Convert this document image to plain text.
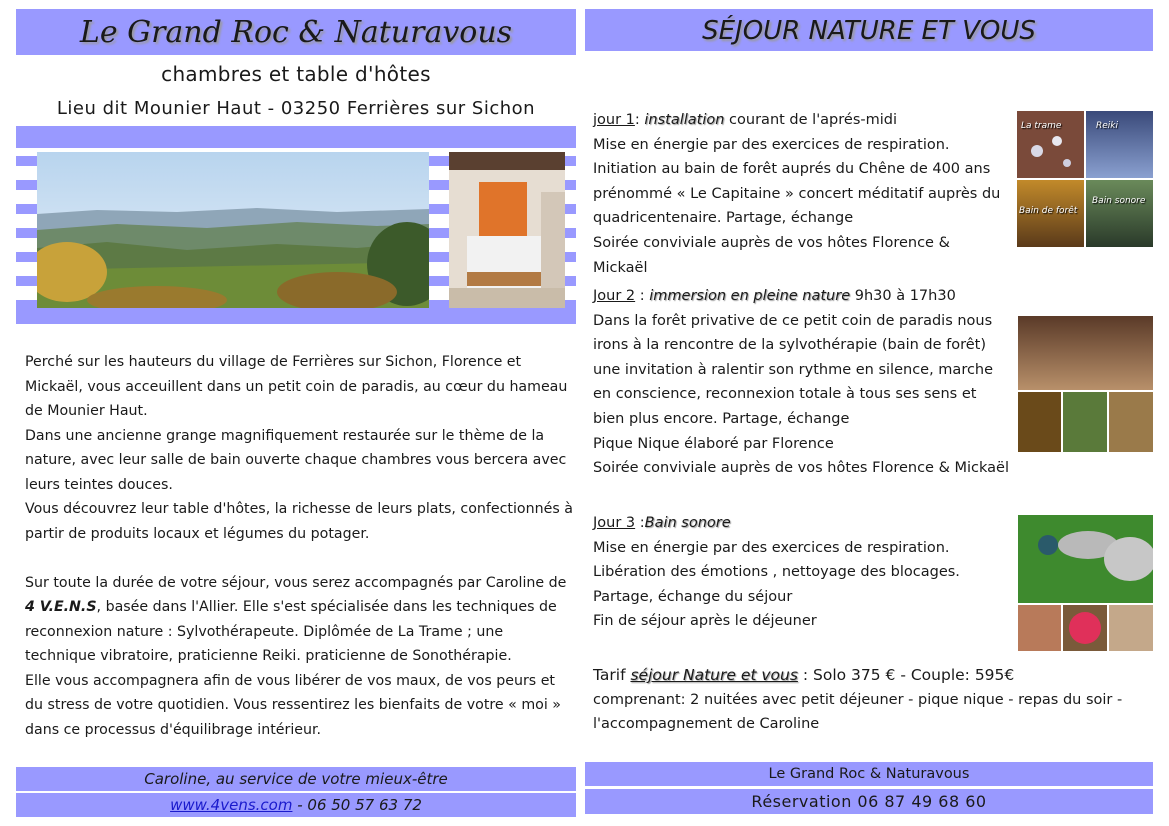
Le Grand Roc & Naturavous
chambres et table d'hôtes
Lieu dit Mounier Haut - 03250 Ferrières sur Sichon

Perché sur les hauteurs du village de Ferrières sur Sichon, Florence et Mickaël, vous acceuillent dans un petit coin de paradis, au cœur du hameau de Mounier Haut.

Dans une ancienne grange magnifiquement restaurée sur le thème de la nature, avec leur salle de bain ouverte chaque chambres vous bercera avec leurs teintes douces.

Vous découvrez leur table d'hôtes, la richesse de leurs plats, confectionnés à partir de produits locaux et légumes du potager.

Sur toute la durée de votre séjour, vous serez accompagnés par Caroline de 4 V.E.N.S, basée dans l'Allier. Elle s'est spécialisée dans les techniques de reconnexion nature : Sylvothérapeute. Diplômée de La Trame ; une technique vibratoire, praticienne Reiki. praticienne de Sonothérapie.

Elle vous accompagnera afin de vous libérer de vos maux, de vos peurs et du stress de votre quotidien. Vous ressentirez les bienfaits de votre « moi » dans ce processus d'équilibrage intérieur.

Caroline, au service de votre mieux-être
www.4vens.com - 06 50 57 63 72
SÉJOUR NATURE ET VOUS

jour 1: installation courant de l'aprés-midi

Mise en énergie par des exercices de respiration. Initiation au bain de forêt auprés du Chêne de 400 ans prénommé « Le Capitaine » concert méditatif auprès du quadricentenaire. Partage, échange

Soirée conviviale auprès de vos hôtes Florence & Mickaël

La trame	Reiki
Bain de forêt
Bain sonore

Jour 2 : immersion en pleine nature 9h30 à 17h30

Dans la forêt privative de ce petit coin de paradis nous irons à la rencontre de la sylvothérapie (bain de forêt) une invitation à ralentir son rythme en silence, marche en conscience, reconnexion totale à tous ses sens et bien plus encore. Partage, échange

Pique Nique élaboré par Florence

Soirée conviviale auprès de vos hôtes Florence & Mickaël

Jour 3 :Bain sonore

Mise en énergie par des exercices de respiration.

Libération des émotions , nettoyage des blocages.

Partage, échange du séjour

Fin de séjour après le déjeuner

Tarif séjour Nature et vous : Solo 375 € - Couple: 595€

comprenant: 2 nuitées avec petit déjeuner - pique nique - repas du soir - l'accompagnement de Caroline

Le Grand Roc & Naturavous
Réservation 06 87 49 68 60
